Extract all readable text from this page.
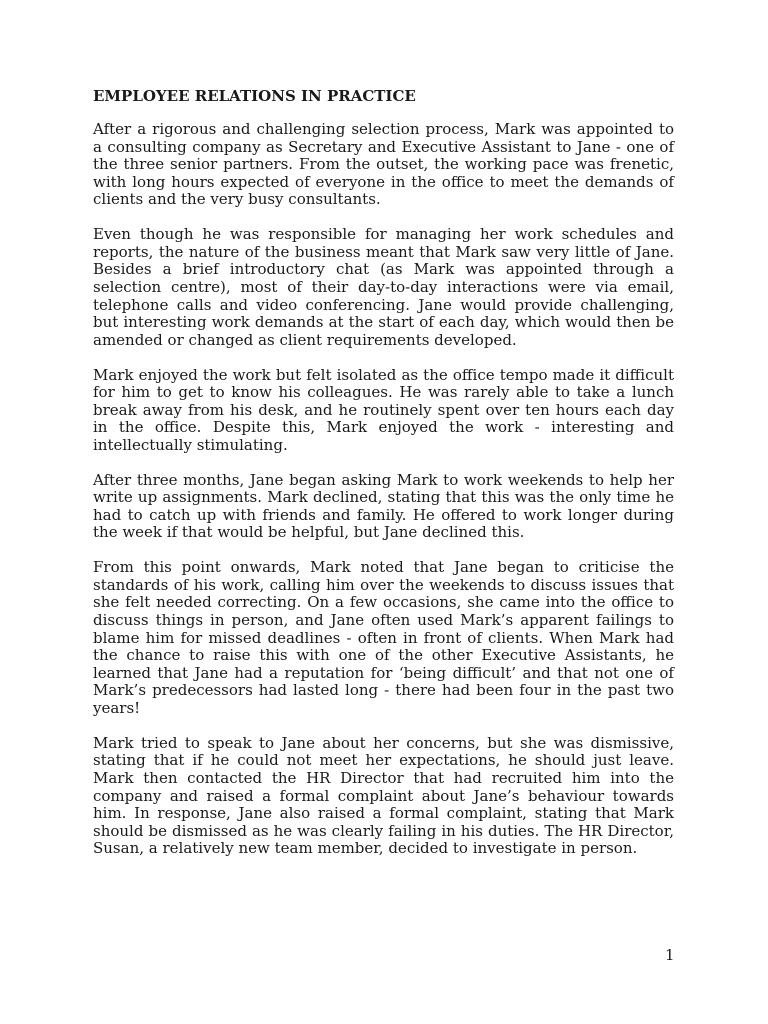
EMPLOYEE RELATIONS IN PRACTICE

After a rigorous and challenging selection process, Mark was appointed to a consulting company as Secretary and Executive Assistant to Jane - one of the three senior partners. From the outset, the working pace was frenetic, with long hours expected of everyone in the office to meet the demands of clients and the very busy consultants.

Even though he was responsible for managing her work schedules and reports, the nature of the business meant that Mark saw very little of Jane. Besides a brief introductory chat (as Mark was appointed through a selection centre), most of their day-to-day interactions were via email, telephone calls and video conferencing. Jane would provide challenging, but interesting work demands at the start of each day, which would then be amended or changed as client requirements developed.

Mark enjoyed the work but felt isolated as the office tempo made it difficult for him to get to know his colleagues. He was rarely able to take a lunch break away from his desk, and he routinely spent over ten hours each day in the office. Despite this, Mark enjoyed the work - interesting and intellectually stimulating.

After three months, Jane began asking Mark to work weekends to help her write up assignments. Mark declined, stating that this was the only time he had to catch up with friends and family. He offered to work longer during the week if that would be helpful, but Jane declined this.

From this point onwards, Mark noted that Jane began to criticise the standards of his work, calling him over the weekends to discuss issues that she felt needed correcting. On a few occasions, she came into the office to discuss things in person, and Jane often used Mark’s apparent failings to blame him for missed deadlines - often in front of clients. When Mark had the chance to raise this with one of the other Executive Assistants, he learned that Jane had a reputation for ‘being difficult’ and that not one of Mark’s predecessors had lasted long - there had been four in the past two years!

Mark tried to speak to Jane about her concerns, but she was dismissive, stating that if he could not meet her expectations, he should just leave. Mark then contacted the HR Director that had recruited him into the company and raised a formal complaint about Jane’s behaviour towards him. In response, Jane also raised a formal complaint, stating that Mark should be dismissed as he was clearly failing in his duties. The HR Director, Susan, a relatively new team member, decided to investigate in person.

1
